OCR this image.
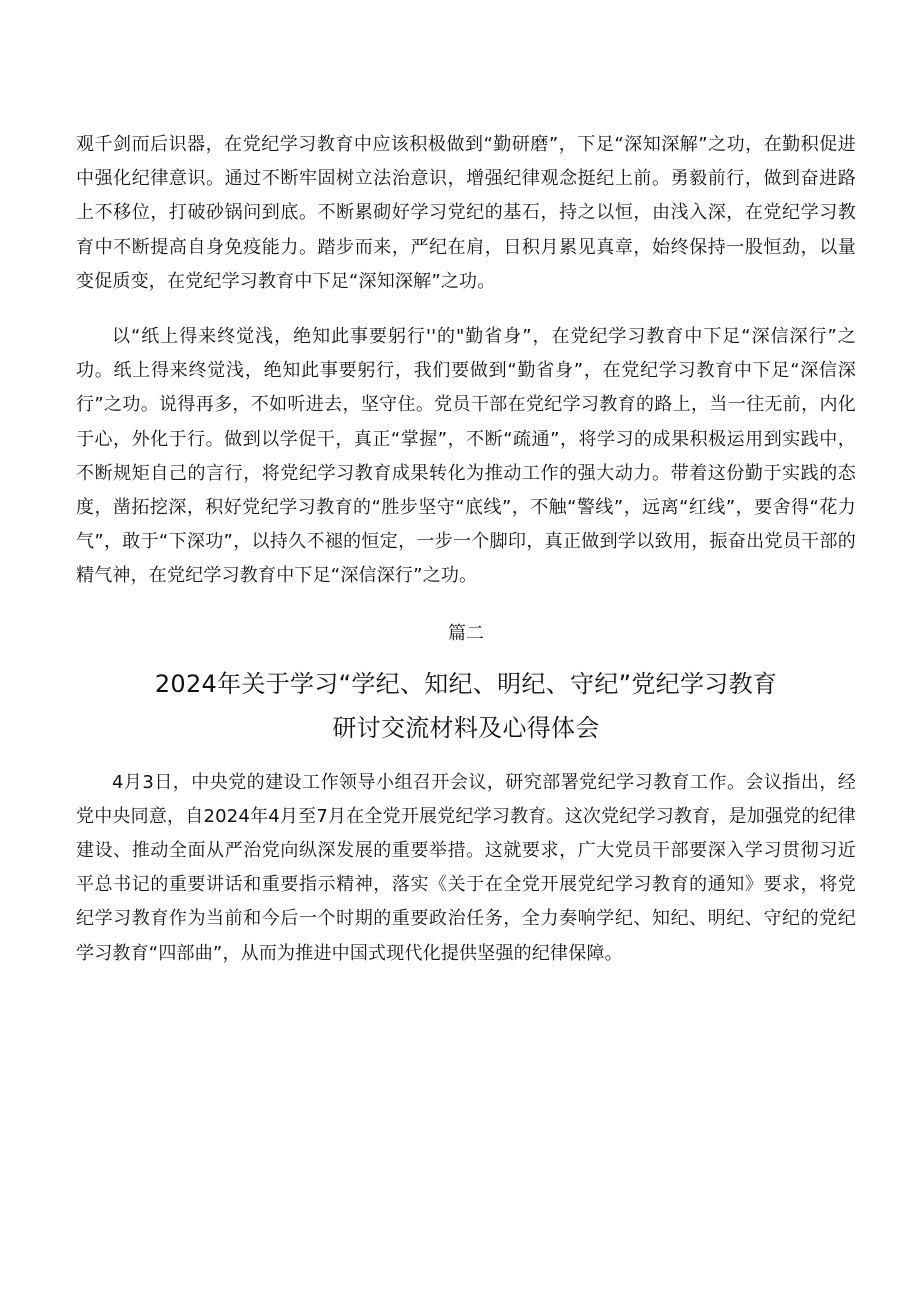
观千剑而后识器，在党纪学习教育中应该积极做到“勤研磨”，下足“深知深解”之功，在勤积促进中强化纪律意识。通过不断牢固树立法治意识，增强纪律观念挺纪上前。勇毅前行，做到奋进路上不移位，打破砂锅问到底。不断累砌好学习党纪的基石，持之以恒，由浅入深，在党纪学习教育中不断提高自身免疫能力。踏步而来，严纪在肩，日积月累见真章，始终保持一股恒劲，以量变促质变，在党纪学习教育中下足“深知深解”之功。

以“纸上得来终觉浅，绝知此事要躬行''的"勤省身”，在党纪学习教育中下足“深信深行”之功。纸上得来终觉浅，绝知此事要躬行，我们要做到“勤省身”，在党纪学习教育中下足“深信深行”之功。说得再多，不如听进去，坚守住。党员干部在党纪学习教育的路上，当一往无前，内化于心，外化于行。做到以学促干，真正“掌握”，不断“疏通”，将学习的成果积极运用到实践中，不断规矩自己的言行，将党纪学习教育成果转化为推动工作的强大动力。带着这份勤于实践的态度，凿拓挖深，积好党纪学习教育的“胜步坚守“底线”，不触“警线”，远离“红线”，要舍得“花力气”，敢于“下深功”，以持久不褪的恒定，一步一个脚印，真正做到学以致用，振奋出党员干部的精气神，在党纪学习教育中下足“深信深行”之功。

篇二
2024年关于学习“学纪、知纪、明纪、守纪”党纪学习教育
研讨交流材料及心得体会

4月3日，中央党的建设工作领导小组召开会议，研究部署党纪学习教育工作。会议指出，经党中央同意，自2024年4月至7月在全党开展党纪学习教育。这次党纪学习教育，是加强党的纪律建设、推动全面从严治党向纵深发展的重要举措。这就要求，广大党员干部要深入学习贯彻习近平总书记的重要讲话和重要指示精神，落实《关于在全党开展党纪学习教育的通知》要求，将党纪学习教育作为当前和今后一个时期的重要政治任务，全力奏响学纪、知纪、明纪、守纪的党纪学习教育“四部曲”，从而为推进中国式现代化提供坚强的纪律保障。
